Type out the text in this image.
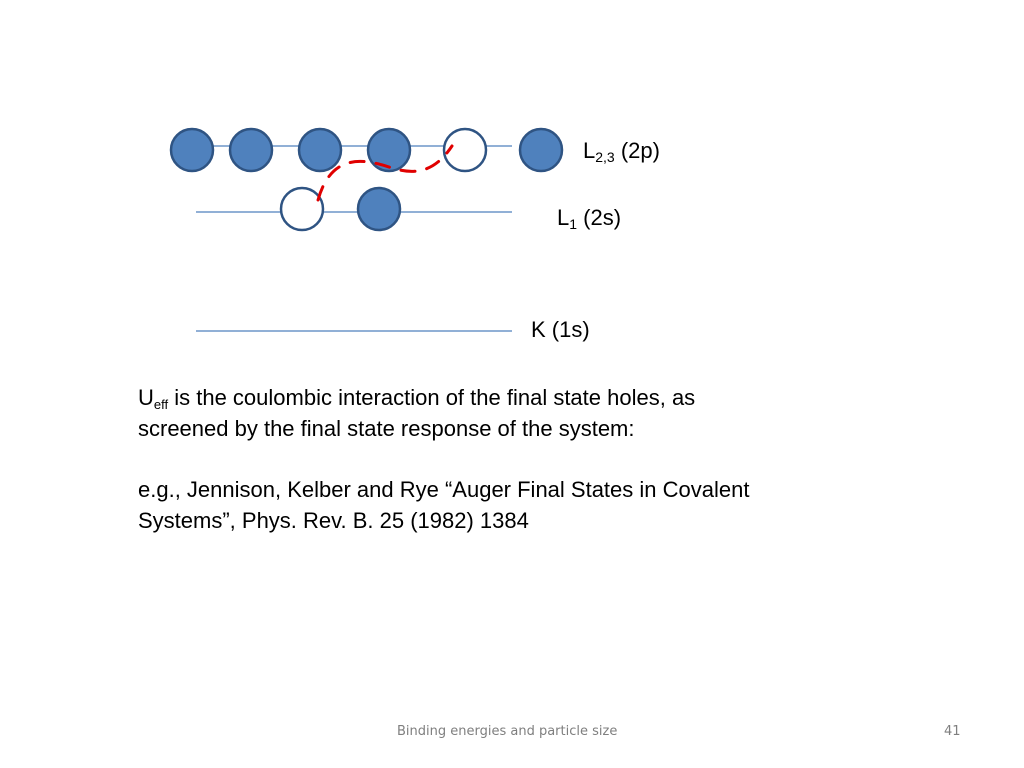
$L_{2,3}$ (2p)
$L_1$ (2s)
K (1s)
$U_{eff}$ is the coulombic interaction of the final state holes, as
screened by the final state response of the system:
e.g., Jennison, Kelber and Rye “Auger Final States in Covalent
Systems”, Phys. Rev. B. 25 (1982) 1384
Binding energies and particle size	41
